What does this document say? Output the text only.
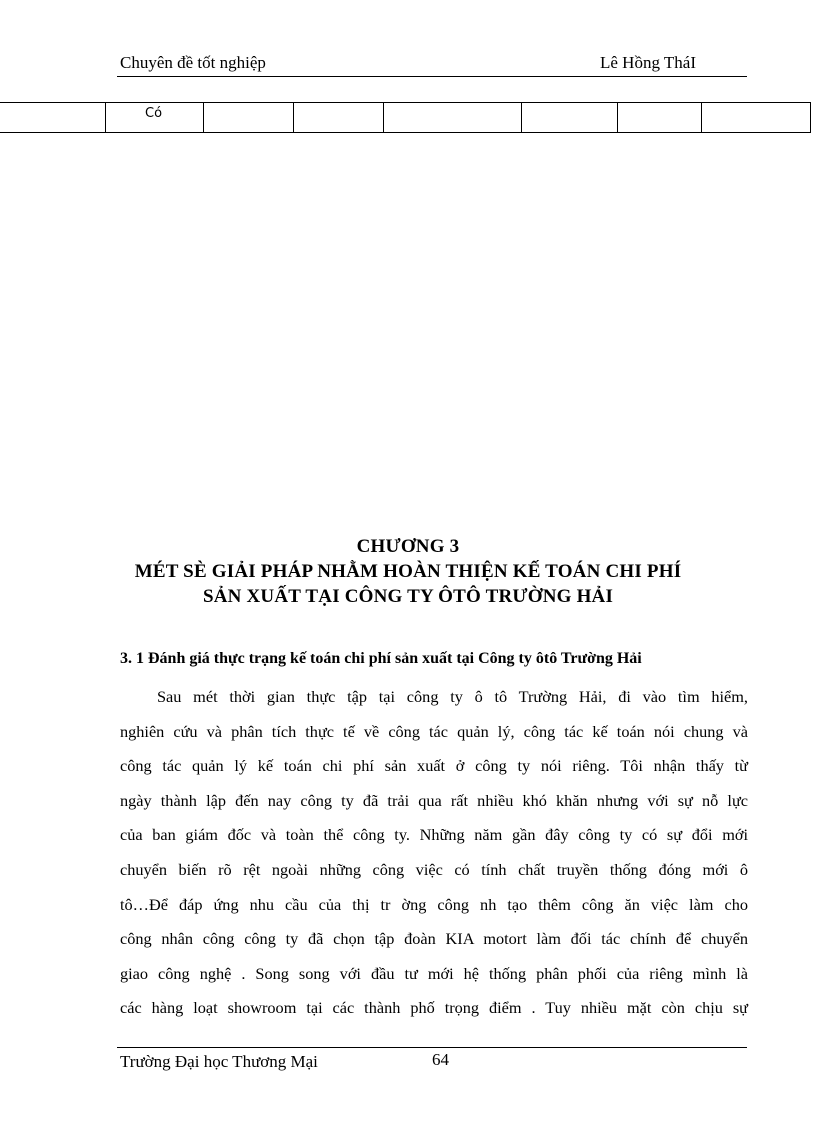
Chuyên đề tốt nghiệp	Lê Hồng TháI
Có
CHƯƠNG 3
MÉT SÈ GIẢI PHÁP NHẰM HOÀN THIỆN KẾ TOÁN CHI PHÍ
SẢN XUẤT TẠI CÔNG TY ÔTÔ TRƯỜNG HẢI
3. 1 Đánh giá thực trạng kế toán chi phí sản xuất tại Công ty ôtô Trường Hải
Sau mét thời gian thực tập tại công ty ô tô Trường Hải, đi vào tìm hiểm,
nghiên cứu và phân tích thực tế về công tác quản lý, công tác kế toán nói chung và
công tác quản lý kế toán chi phí sản xuất ở công ty nói riêng. Tôi nhận thấy từ
ngày thành lập đến nay công ty đã trải qua rất nhiều khó khăn nhưng với sự nỗ lực
của ban giám đốc và toàn thể công ty. Những năm gần đây công ty có sự đổi mới
chuyển biến rõ rệt ngoài những công việc có tính chất truyền thống đóng mới ô
tô…Để đáp ứng nhu cầu của thị tr ờng công nh tạo thêm công ăn việc làm cho
công nhân công công ty đã chọn tập đoàn KIA motort làm đối tác chính để chuyển
giao công nghệ . Song song với đầu tư mới hệ thống phân phối của riêng mình là
các hàng loạt showroom tại các thành phố trọng điểm . Tuy nhiều mặt còn chịu sự
Trường Đại học Thương Mại	64
